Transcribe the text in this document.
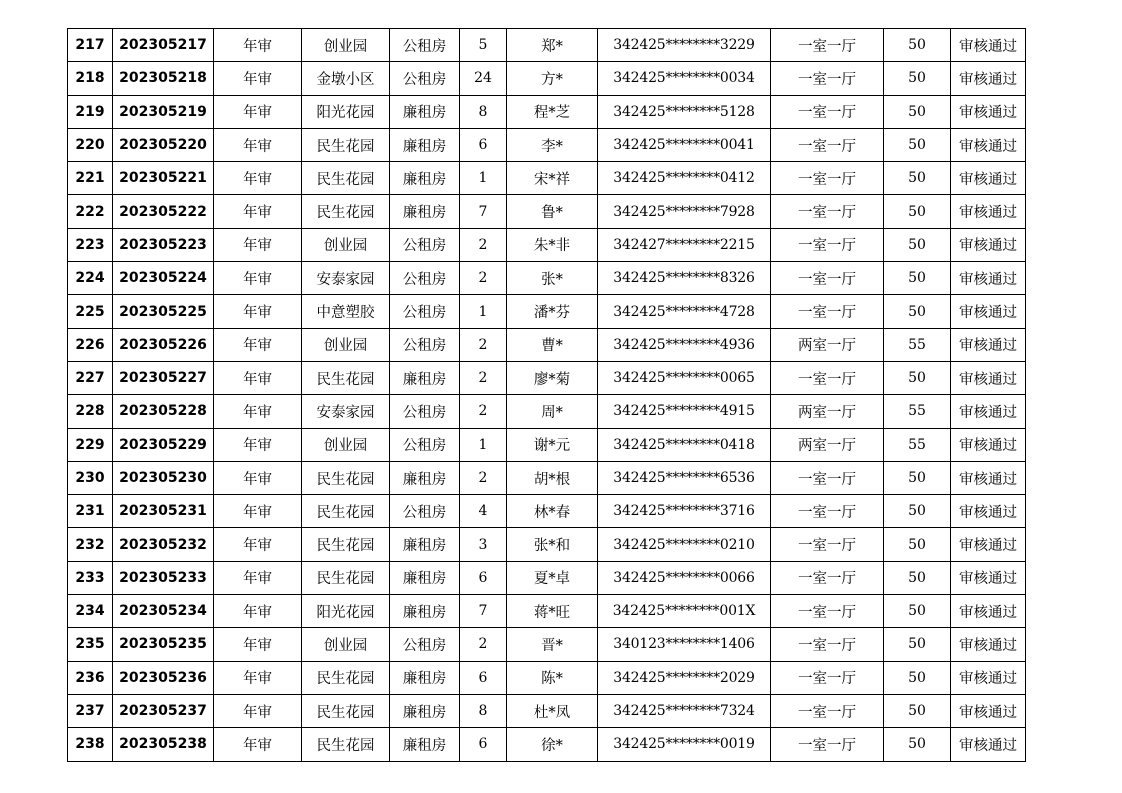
217	202305217	年审	创业园	公租房	5	郑*	342425********3229	一室一厅	50	审核通过
218	202305218	年审	金墩小区	公租房	24	方*	342425********0034	一室一厅	50	审核通过
219	202305219	年审	阳光花园	廉租房	8	程*芝	342425********5128	一室一厅	50	审核通过
220	202305220	年审	民生花园	廉租房	6	李*	342425********0041	一室一厅	50	审核通过
221	202305221	年审	民生花园	廉租房	1	宋*祥	342425********0412	一室一厅	50	审核通过
222	202305222	年审	民生花园	廉租房	7	鲁*	342425********7928	一室一厅	50	审核通过
223	202305223	年审	创业园	公租房	2	朱*非	342427********2215	一室一厅	50	审核通过
224	202305224	年审	安泰家园	公租房	2	张*	342425********8326	一室一厅	50	审核通过
225	202305225	年审	中意塑胶	公租房	1	潘*芬	342425********4728	一室一厅	50	审核通过
226	202305226	年审	创业园	公租房	2	曹*	342425********4936	两室一厅	55	审核通过
227	202305227	年审	民生花园	廉租房	2	廖*菊	342425********0065	一室一厅	50	审核通过
228	202305228	年审	安泰家园	公租房	2	周*	342425********4915	两室一厅	55	审核通过
229	202305229	年审	创业园	公租房	1	谢*元	342425********0418	两室一厅	55	审核通过
230	202305230	年审	民生花园	廉租房	2	胡*根	342425********6536	一室一厅	50	审核通过
231	202305231	年审	民生花园	公租房	4	林*春	342425********3716	一室一厅	50	审核通过
232	202305232	年审	民生花园	廉租房	3	张*和	342425********0210	一室一厅	50	审核通过
233	202305233	年审	民生花园	廉租房	6	夏*卓	342425********0066	一室一厅	50	审核通过
234	202305234	年审	阳光花园	廉租房	7	蒋*旺	342425********001X	一室一厅	50	审核通过
235	202305235	年审	创业园	公租房	2	晋*	340123********1406	一室一厅	50	审核通过
236	202305236	年审	民生花园	廉租房	6	陈*	342425********2029	一室一厅	50	审核通过
237	202305237	年审	民生花园	廉租房	8	杜*凤	342425********7324	一室一厅	50	审核通过
238	202305238	年审	民生花园	廉租房	6	徐*	342425********0019	一室一厅	50	审核通过
